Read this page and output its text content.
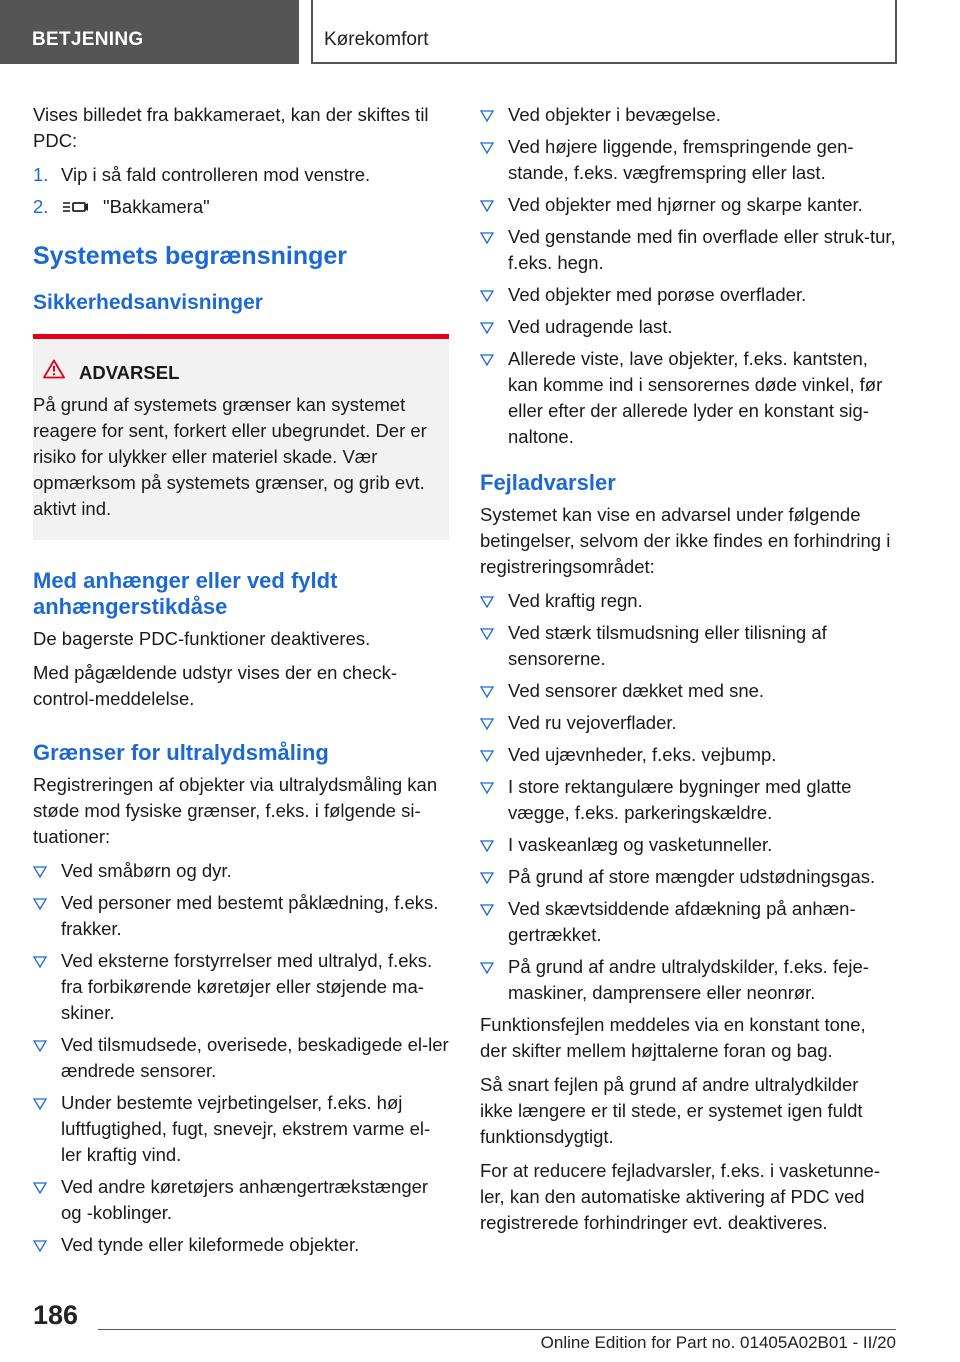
BETJENING	Kørekomfort

Vises billedet fra bakkameraet, kan der skiftes til PDC:

1. Vip i så fald controlleren mod venstre.
2.	"Bakkamera"
Systemets begrænsninger
Sikkerhedsanvisninger
ADVARSEL
På grund af systemets grænser kan systemet reagere for sent, forkert eller ubegrundet. Der er risiko for ulykker eller materiel skade. Vær opmærksom på systemets grænser, og grib evt. aktivt ind.
Med anhænger eller ved fyldt anhængerstikdåse

De bagerste PDC-funktioner deaktiveres.

Med pågældende udstyr vises der en check-control-meddelelse.

Grænser for ultralydsmåling

Registreringen af objekter via ultralydsmåling kan støde mod fysiske grænser, f.eks. i følgende si-tuationer:

Ved småbørn og dyr.
Ved personer med bestemt påklædning, f.eks. frakker.
Ved eksterne forstyrrelser med ultralyd, f.eks. fra forbikørende køretøjer eller støjende ma-skiner.
Ved tilsmudsede, overisede, beskadigede el-ler ændrede sensorer.
Under bestemte vejrbetingelser, f.eks. høj luftfugtighed, fugt, snevejr, ekstrem varme el-ler kraftig vind.
Ved andre køretøjers anhængertrækstænger og -koblinger.
Ved tynde eller kileformede objekter.
Ved objekter i bevægelse.
Ved højere liggende, fremspringende gen-stande, f.eks. vægfremspring eller last.
Ved objekter med hjørner og skarpe kanter.
Ved genstande med fin overflade eller struk-tur, f.eks. hegn.
Ved objekter med porøse overflader.
Ved udragende last.
Allerede viste, lave objekter, f.eks. kantsten, kan komme ind i sensorernes døde vinkel, før eller efter der allerede lyder en konstant sig-naltone.
Fejladvarsler

Systemet kan vise en advarsel under følgende betingelser, selvom der ikke findes en forhindring i registreringsområdet:

Ved kraftig regn.
Ved stærk tilsmudsning eller tilisning af sensorerne.
Ved sensorer dækket med sne.
Ved ru vejoverflader.
Ved ujævnheder, f.eks. vejbump.
I store rektangulære bygninger med glatte vægge, f.eks. parkeringskældre.
I vaskeanlæg og vasketunneller.
På grund af store mængder udstødningsgas.
Ved skævtsiddende afdækning på anhæn-gertrækket.
På grund af andre ultralydskilder, f.eks. feje-maskiner, damprensere eller neonrør.

Funktionsfejlen meddeles via en konstant tone, der skifter mellem højttalerne foran og bag.

Så snart fejlen på grund af andre ultralydkilder ikke længere er til stede, er systemet igen fuldt funktionsdygtigt.

For at reducere fejladvarsler, f.eks. i vasketunne-ler, kan den automatiske aktivering af PDC ved registrerede forhindringer evt. deaktiveres.

186
Online Edition for Part no. 01405A02B01 - II/20
